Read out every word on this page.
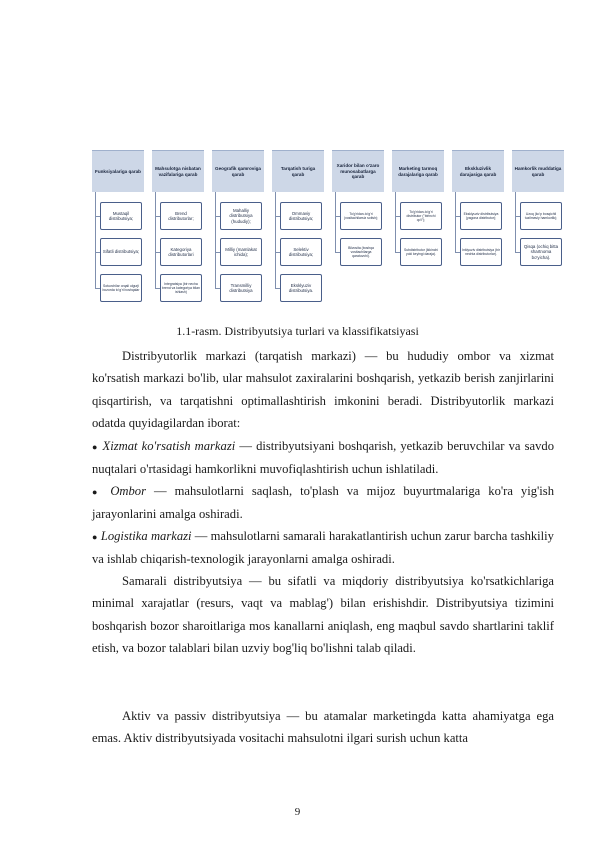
Funksiyalariga qarab
Mustaqil distributsiya;
Sifatli distributsiya;
Sotuvchilar orqali ulgurji bozorda to'g'ri boshqalar
Mahsulotga nisbatan vazifalariga qarab
Brend distributorlar;
Kategoriya distributorlari
Integratsiya (bir necha brend va kategoriya bilan ishlash)
Geografik qamroviga qarab
Mahalliy distributsiya (hududiy);
Milliy (mamlakat ichida);
Transmilliy distributsiya
Tarqatish turiga qarab
Ommaviy distributsiya;
Selektiv distributsiya;
Eksklyuziv distributsiya.
Xaridor bilan o'zaro munosabatlarga qarab
To'g'ridan-to'g'ri (vositachilarsiz sotish);
Bilvosita (boshqa vositachilarga qaratuvchi).
Marketing tarmoq darajalariga qarab
To'g'ridan-to'g'ri distributor ("birinchi qo'l");
Subdistributor (ikkinchi yoki keyingi daraja).
Ekskluzivlik darajasiga qarab
Eksklyuziv distributsiya (yagona distributor);
Inklyuziv distributsiya (bir nechta distributorlar).
Hamkorlik muddatiga qarab
Uzoq (ko'p bosqichli tuzilmaviy hamkorlik);
Qisqa (ochiq bitta shartnoma bo'yicha).
1.1-rasm. Distribyutsiya turlari va klassifikatsiyasi
Distribyutorlik markazi (tarqatish markazi) — bu hududiy ombor va xizmat ko'rsatish markazi bo'lib, ular mahsulot zaxiralarini boshqarish, yetkazib berish zanjirlarini qisqartirish, va tarqatishni optimallashtirish imkonini beradi. Distribyutorlik markazi odatda quyidagilardan iborat:
● Xizmat ko'rsatish markazi — distribyutsiyani boshqarish, yetkazib beruvchilar va savdo nuqtalari o'rtasidagi hamkorlikni muvofiqlashtirish uchun ishlatiladi.
● Ombor — mahsulotlarni saqlash, to'plash va mijoz buyurtmalariga ko'ra yig'ish jarayonlarini amalga oshiradi.
● Logistika markazi — mahsulotlarni samarali harakatlantirish uchun zarur barcha tashkiliy va ishlab chiqarish-texnologik jarayonlarni amalga oshiradi.
Samarali distribyutsiya — bu sifatli va miqdoriy distribyutsiya ko'rsatkichlariga minimal xarajatlar (resurs, vaqt va mablag') bilan erishishdir. Distribyutsiya tizimini boshqarish bozor sharoitlariga mos kanallarni aniqlash, eng maqbul savdo shartlarini taklif etish, va bozor talablari bilan uzviy bog'liq bo'lishni talab qiladi.
Aktiv va passiv distribyutsiya — bu atamalar marketingda katta ahamiyatga ega emas. Aktiv distribyutsiyada vositachi mahsulotni ilgari surish uchun katta
9
